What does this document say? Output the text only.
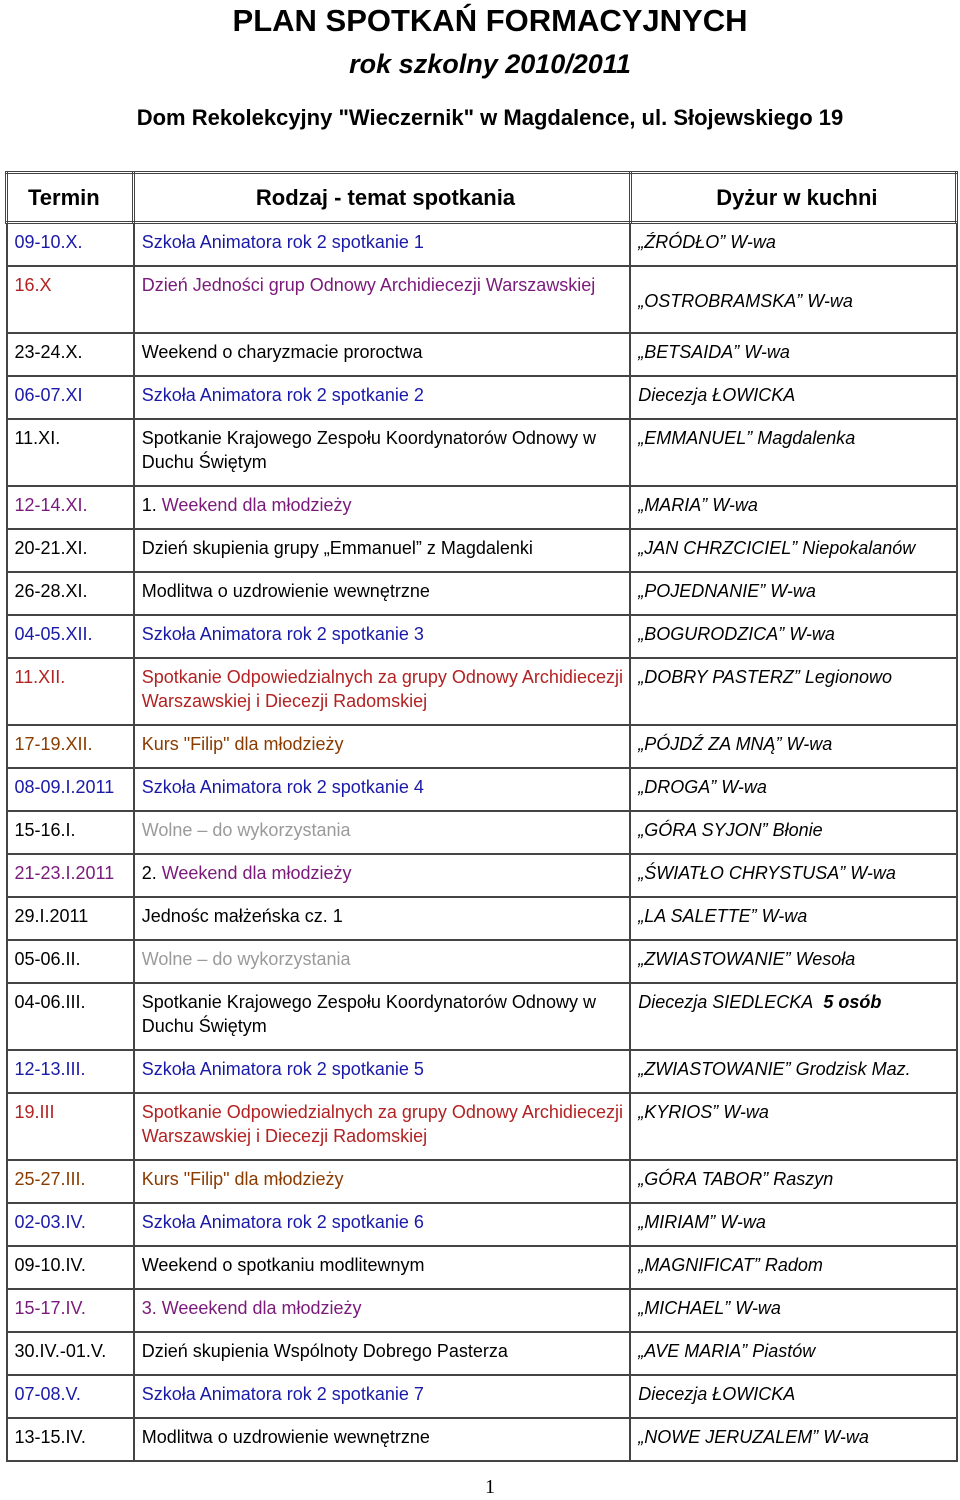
PLAN SPOTKAŃ FORMACYJNYCH
rok szkolny 2010/2011
Dom Rekolekcyjny "Wieczernik" w Magdalence, ul. Słojewskiego 19
Termin	Rodzaj - temat spotkania	Dyżur w kuchni
09-10.X.	Szkoła Animatora rok 2 spotkanie 1	„ŹRÓDŁO” W-wa
16.X	Dzień Jedności grup Odnowy Archidiecezji Warszawskiej	„OSTROBRAMSKA” W-wa
23-24.X.	Weekend o charyzmacie proroctwa	„BETSAIDA” W-wa
06-07.XI	Szkoła Animatora rok 2 spotkanie 2	Diecezja ŁOWICKA
11.XI.	Spotkanie Krajowego Zespołu Koordynatorów Odnowy w Duchu Świętym	„EMMANUEL” Magdalenka
12-14.XI.	1. Weekend dla młodzieży	„MARIA” W-wa
20-21.XI.	Dzień skupienia grupy „Emmanuel” z Magdalenki	„JAN CHRZCICIEL” Niepokalanów
26-28.XI.	Modlitwa o uzdrowienie wewnętrzne	„POJEDNANIE” W-wa
04-05.XII.	Szkoła Animatora rok 2 spotkanie 3	„BOGURODZICA” W-wa
11.XII.	Spotkanie Odpowiedzialnych za grupy Odnowy Archidiecezji Warszawskiej i Diecezji Radomskiej	„DOBRY PASTERZ” Legionowo
17-19.XII.	Kurs "Filip" dla młodzieży	„PÓJDŹ ZA MNĄ” W-wa
08-09.I.2011	Szkoła Animatora rok 2 spotkanie 4	„DROGA” W-wa
15-16.I.	Wolne – do wykorzystania	„GÓRA SYJON” Błonie
21-23.I.2011	2. Weekend dla młodzieży	„ŚWIATŁO CHRYSTUSA” W-wa
29.I.2011	Jednośc małżeńska cz. 1	„LA SALETTE” W-wa
05-06.II.	Wolne – do wykorzystania	„ZWIASTOWANIE” Wesoła
04-06.III.	Spotkanie Krajowego Zespołu Koordynatorów Odnowy w Duchu Świętym	Diecezja SIEDLECKA 5 osób
12-13.III.	Szkoła Animatora rok 2 spotkanie 5	„ZWIASTOWANIE” Grodzisk Maz.
19.III	Spotkanie Odpowiedzialnych za grupy Odnowy Archidiecezji Warszawskiej i Diecezji Radomskiej	„KYRIOS” W-wa
25-27.III.	Kurs "Filip" dla młodzieży	„GÓRA TABOR” Raszyn
02-03.IV.	Szkoła Animatora rok 2 spotkanie 6	„MIRIAM” W-wa
09-10.IV.	Weekend o spotkaniu modlitewnym	„MAGNIFICAT” Radom
15-17.IV.	3. Weeekend dla młodzieży	„MICHAEL” W-wa
30.IV.-01.V.	Dzień skupienia Wspólnoty Dobrego Pasterza	„AVE MARIA” Piastów
07-08.V.	Szkoła Animatora rok 2 spotkanie 7	Diecezja ŁOWICKA
13-15.IV.	Modlitwa o uzdrowienie wewnętrzne	„NOWE JERUZALEM” W-wa
1
